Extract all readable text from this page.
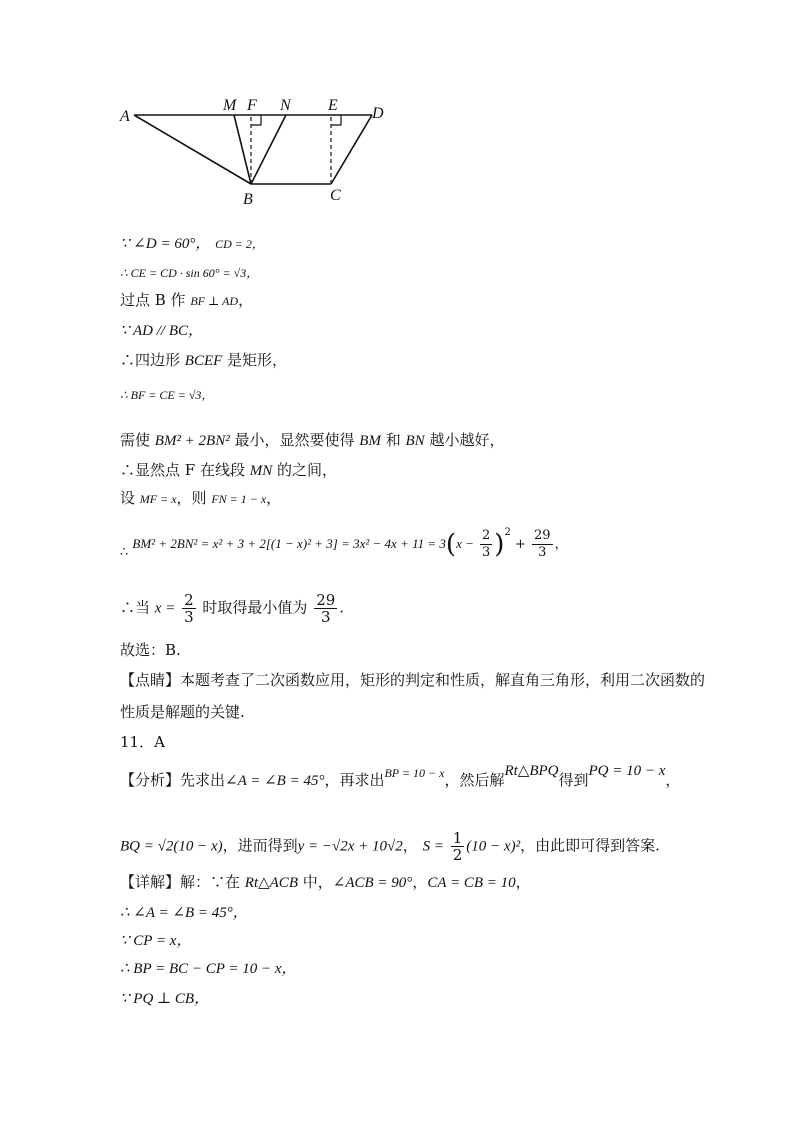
A
M F N E D
B	C
∵ ∠D = 60°， CD = 2，
∴ CE = CD · sin 60° = √3，
过点 B 作 BF ⊥ AD，
∵ AD // BC，
∴四边形 BCEF 是矩形，
∴ BF = CE = √3，
需使 BM² + 2BN² 最小，显然要使得 BM 和 BN 越小越好，
∴显然点 F 在线段 MN 的之间，
设 MF = x，则 FN = 1 − x，
∴ $BM^2 + 2BN^2 = x^2 + 3 + 2[(1 - x)^2 + 3] = 3x^2 - 4x + 11 = 3(x - \frac{2}{3} )^2 + \frac{29}{3}$ ，
∴当 $x = \frac{2}{3}$ 时取得最小值为 $\frac{29}{3}$ .
故选：B.
【点睛】本题考查了二次函数应用，矩形的判定和性质，解直角三角形，利用二次函数的
性质是解题的关键.
11．A
【分析】先求出∠A = ∠B = 45°，再求出$^{BP = 10 - x}$，然后解Rt△BPQ得到PQ = 10 − x，
BQ = √2(10 − x)，进而得到y = −√2x + 10√2， $S = \frac{1}{2} (10 - x)^2$，由此即可得到答案.
【详解】解：∵在 Rt△ACB 中，∠ACB = 90°，CA = CB = 10，
∴ ∠A = ∠B = 45°，
∵ CP = x，
∴ BP = BC − CP = 10 − x，
∵ PQ ⊥ CB，
